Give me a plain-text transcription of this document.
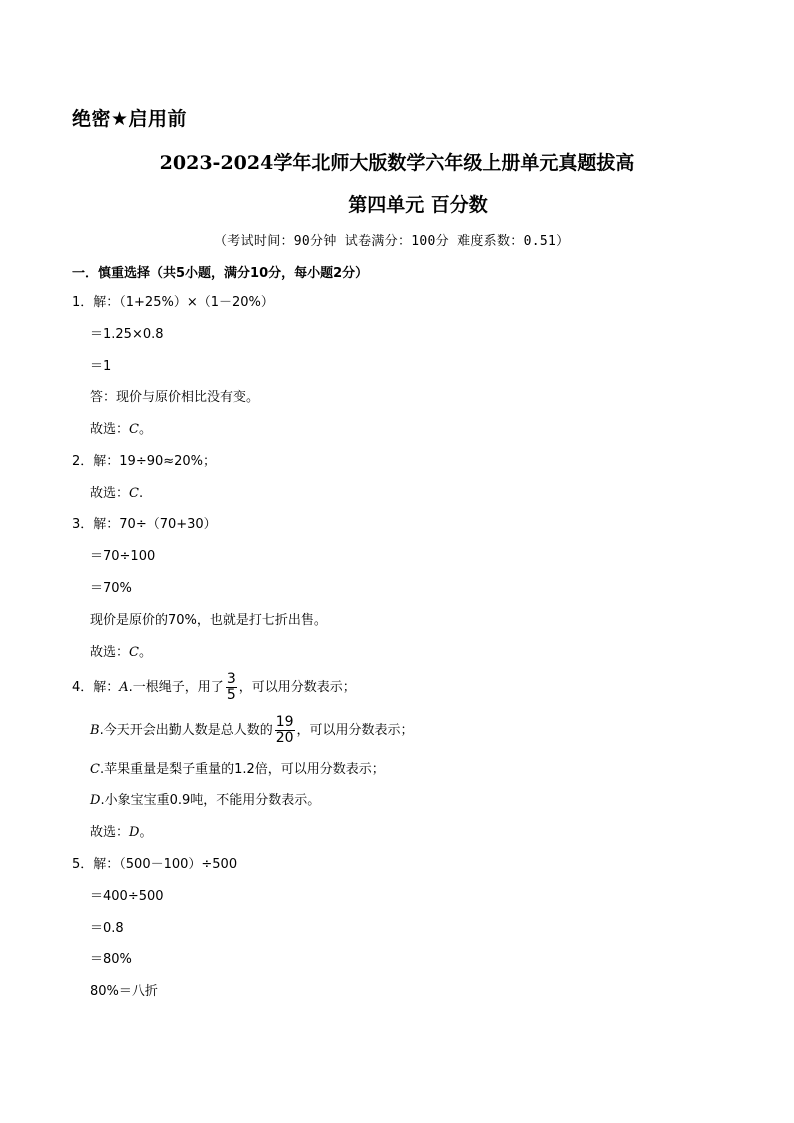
绝密★启用前
2023-2024学年北师大版数学六年级上册单元真题拔高
第四单元 百分数
（考试时间：90分钟 试卷满分：100分 难度系数：0.51）
一．慎重选择（共5小题，满分10分，每小题2分）
1．解：（1+25%）×（1－20%）
＝1.25×0.8
＝1
答：现价与原价相比没有变。
故选：C。
2．解：19÷90≈20%；
故选：C.
3．解：70÷（70+30）
＝70÷100
＝70%
现价是原价的70%，也就是打七折出售。
故选：C。
4．解：A.一根绳子，用了 $\frac{3}{5}$ ，可以用分数表示；
B.今天开会出勤人数是总人数的 $\frac{19}{20}$ ，可以用分数表示；
C.苹果重量是梨子重量的1.2倍，可以用分数表示；
D.小象宝宝重0.9吨，不能用分数表示。
故选：D。
5．解：（500－100）÷500
＝400÷500
＝0.8
＝80%
80%＝八折
